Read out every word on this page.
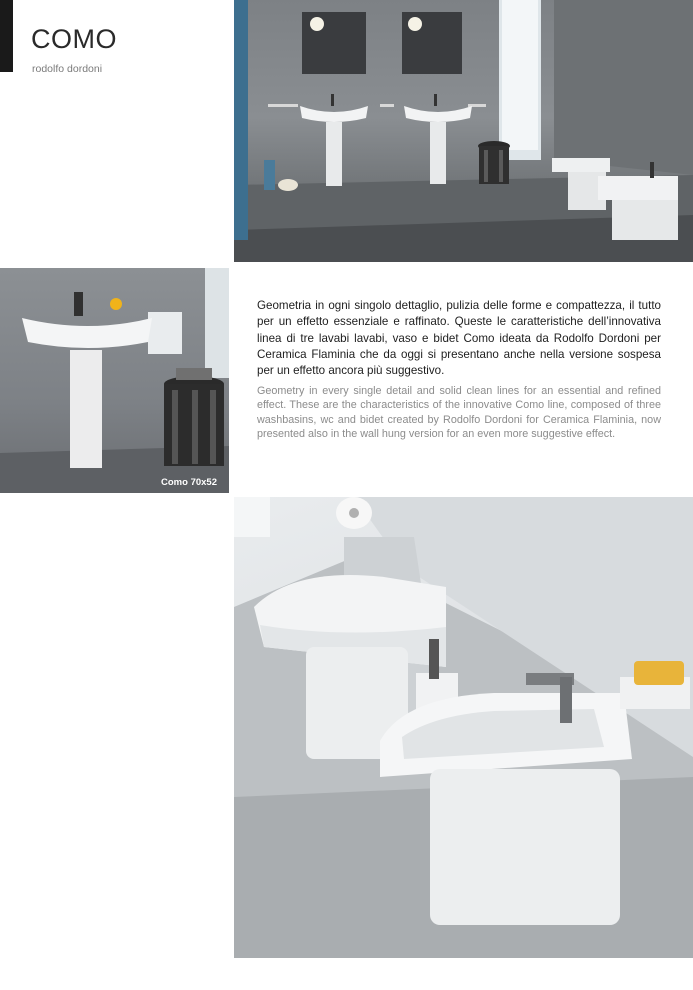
COMO
rodolfo dordoni
Como 70x52
Geometria in ogni singolo dettaglio, pulizia delle forme e compattezza, il tutto per un effetto essenziale e raffinato. Queste le caratteristiche dell’innovativa linea di tre lavabi lavabi, vaso e bidet Como ideata da Rodolfo Dordoni per Ceramica Flaminia che da oggi si presentano anche nella versione sospesa per un effetto ancora più suggestivo.
Geometry in every single detail and solid clean lines for an essential and refined effect. These are the characteristics of the innovative Como line, composed of three washbasins, wc and bidet created by Rodolfo Dordoni for Ceramica Flaminia, now presented also in the wall hung version for an even more suggestive effect.
